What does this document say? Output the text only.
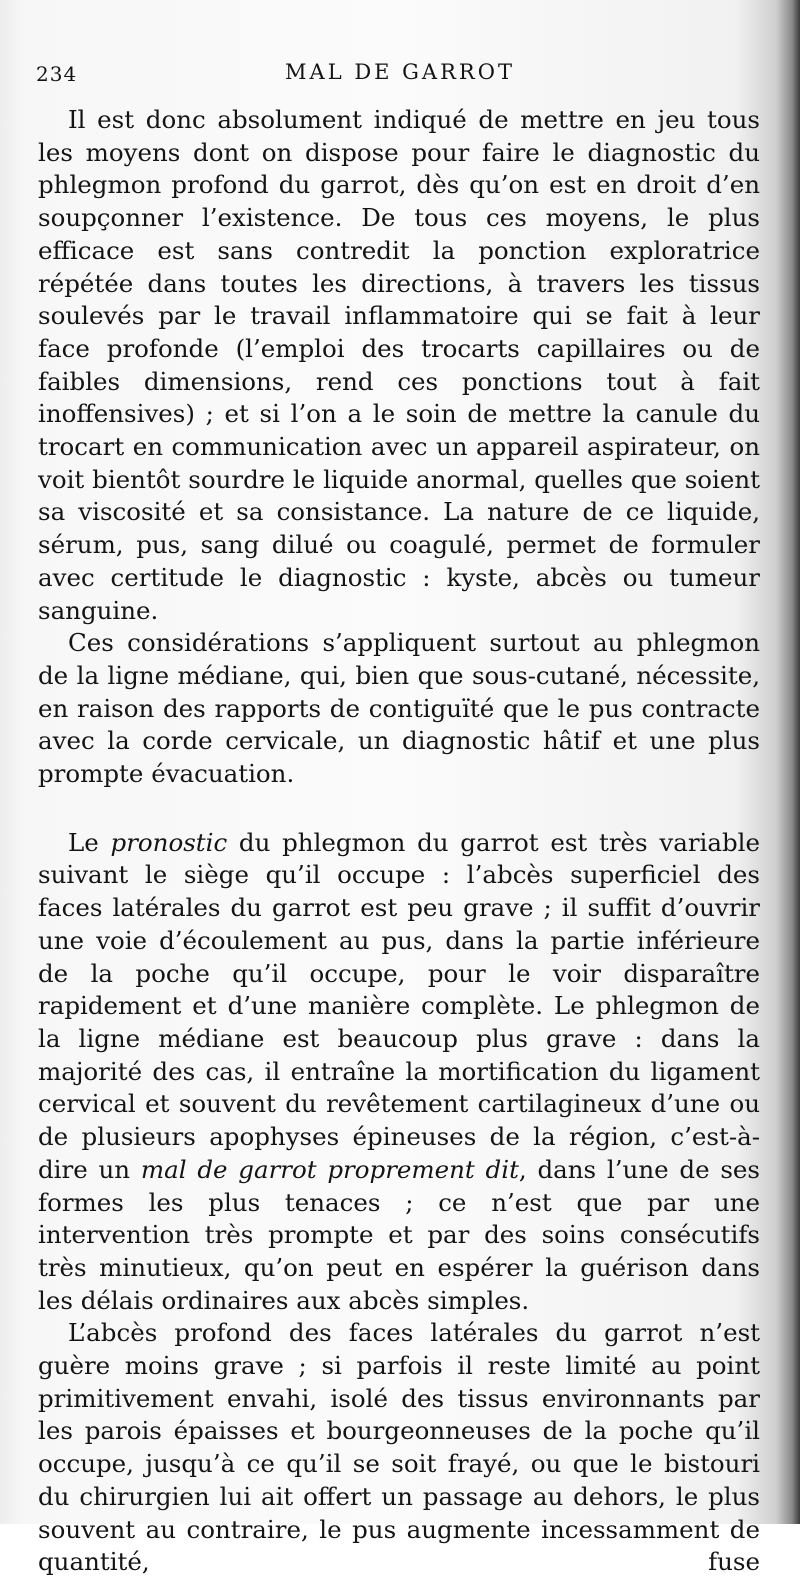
234	MAL DE GARROT

Il est donc absolument indiqué de mettre en jeu tous les moyens dont on dispose pour faire le diagnostic du phlegmon profond du garrot, dès qu’on est en droit d’en soupçonner l’existence. De tous ces moyens, le plus efficace est sans contredit la ponction exploratrice répétée dans toutes les directions, à travers les tissus soulevés par le travail inflammatoire qui se fait à leur face profonde (l’emploi des trocarts capillaires ou de faibles dimensions, rend ces ponctions tout à fait inoffensives) ; et si l’on a le soin de mettre la canule du trocart en communication avec un appareil aspirateur, on voit bientôt sourdre le liquide anormal, quelles que soient sa viscosité et sa consistance. La nature de ce liquide, sérum, pus, sang dilué ou coagulé, permet de formuler avec certitude le diagnostic : kyste, abcès ou tumeur sanguine.

Ces considérations s’appliquent surtout au phlegmon de la ligne médiane, qui, bien que sous-cutané, nécessite, en raison des rapports de contiguïté que le pus contracte avec la corde cervicale, un diagnostic hâtif et une plus prompte évacuation.

Le pronostic du phlegmon du garrot est très variable suivant le siège qu’il occupe : l’abcès superficiel des faces latérales du garrot est peu grave ; il suffit d’ouvrir une voie d’écoulement au pus, dans la partie inférieure de la poche qu’il occupe, pour le voir disparaître rapidement et d’une manière complète. Le phlegmon de la ligne médiane est beaucoup plus grave : dans la majorité des cas, il entraîne la mortification du ligament cervical et souvent du revêtement cartilagineux d’une ou de plusieurs apophyses épineuses de la région, c’est-à-dire un mal de garrot proprement dit, dans l’une de ses formes les plus tenaces ; ce n’est que par une intervention très prompte et par des soins consécutifs très minutieux, qu’on peut en espérer la guérison dans les délais ordinaires aux abcès simples.

L’abcès profond des faces latérales du garrot n’est guère moins grave ; si parfois il reste limité au point primitivement envahi, isolé des tissus environnants par les parois épaisses et bourgeonneuses de la poche qu’il occupe, jusqu’à ce qu’il se soit frayé, ou que le bistouri du chirurgien lui ait offert un passage au dehors, le plus souvent au contraire, le pus augmente incessamment de quantité, fuse
